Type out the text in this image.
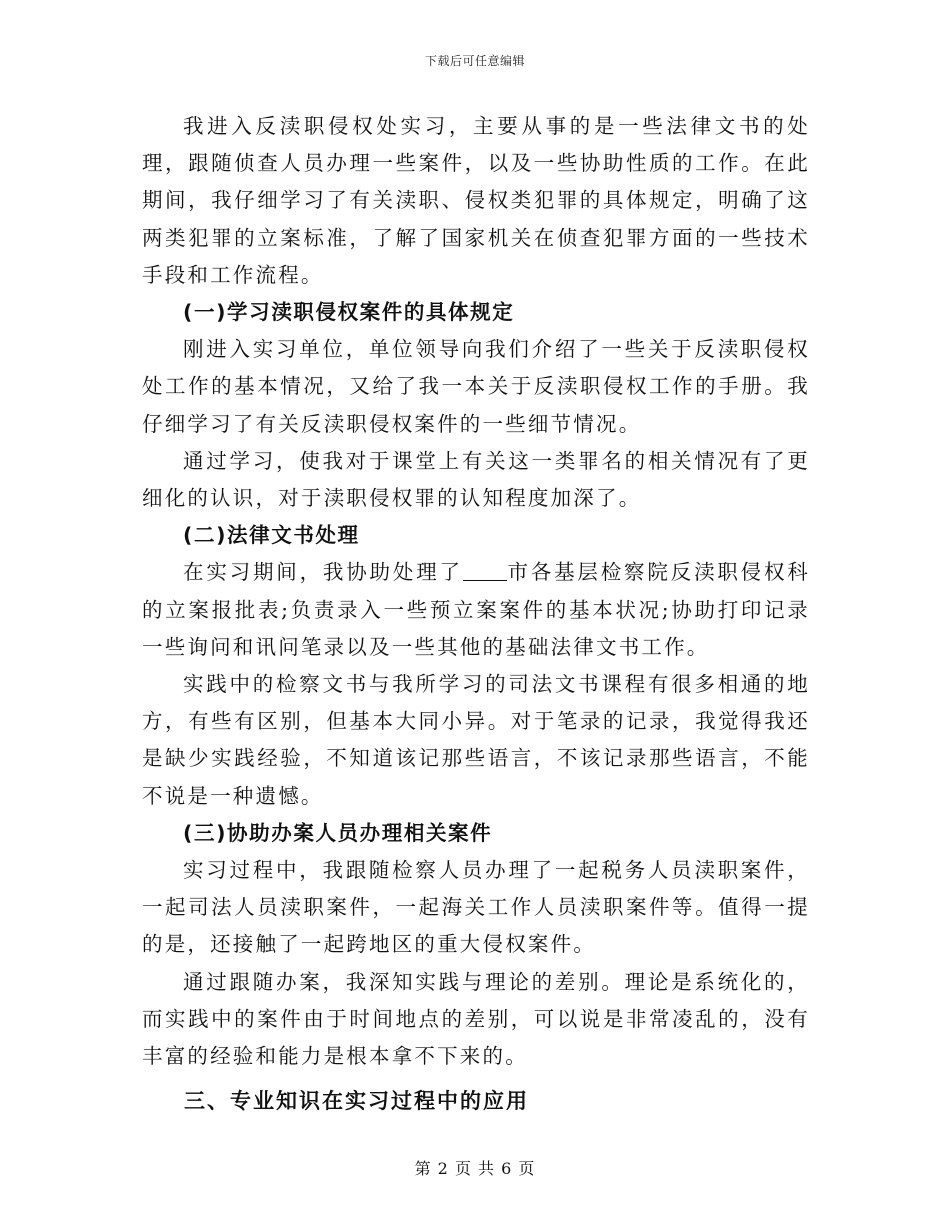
下载后可任意编辑

我进入反渎职侵权处实习，主要从事的是一些法律文书的处理，跟随侦查人员办理一些案件，以及一些协助性质的工作。在此期间，我仔细学习了有关渎职、侵权类犯罪的具体规定，明确了这两类犯罪的立案标准，了解了国家机关在侦查犯罪方面的一些技术手段和工作流程。

(一)学习渎职侵权案件的具体规定

刚进入实习单位，单位领导向我们介绍了一些关于反渎职侵权处工作的基本情况，又给了我一本关于反渎职侵权工作的手册。我仔细学习了有关反渎职侵权案件的一些细节情况。

通过学习，使我对于课堂上有关这一类罪名的相关情况有了更细化的认识，对于渎职侵权罪的认知程度加深了。

(二)法律文书处理

在实习期间，我协助处理了 市各基层检察院反渎职侵权科的立案报批表;负责录入一些预立案案件的基本状况;协助打印记录一些询问和讯问笔录以及一些其他的基础法律文书工作。

实践中的检察文书与我所学习的司法文书课程有很多相通的地方，有些有区别，但基本大同小异。对于笔录的记录，我觉得我还是缺少实践经验，不知道该记那些语言，不该记录那些语言，不能不说是一种遗憾。

(三)协助办案人员办理相关案件

实习过程中，我跟随检察人员办理了一起税务人员渎职案件，一起司法人员渎职案件，一起海关工作人员渎职案件等。值得一提的是，还接触了一起跨地区的重大侵权案件。

通过跟随办案，我深知实践与理论的差别。理论是系统化的，而实践中的案件由于时间地点的差别，可以说是非常凌乱的，没有丰富的经验和能力是根本拿不下来的。

三、专业知识在实习过程中的应用

第 2 页 共 6 页
